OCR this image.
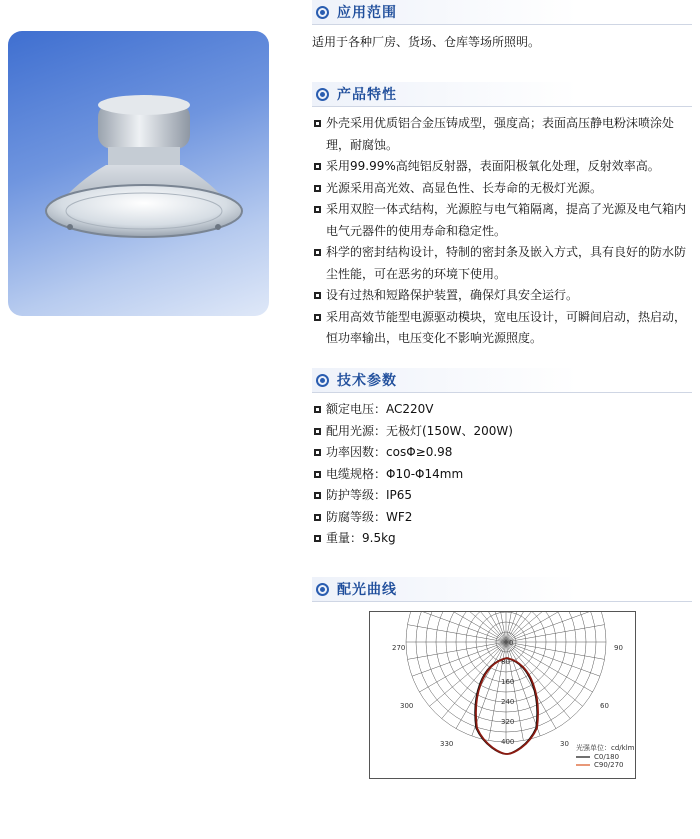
应用范围
适用于各种厂房、货场、仓库等场所照明。
产品特性
外壳采用优质铝合金压铸成型，强度高；表面高压静电粉沫喷涂处理，耐腐蚀。
采用99.99%高纯铝反射器，表面阳极氧化处理，反射效率高。
光源采用高光效、高显色性、长寿命的无极灯光源。
采用双腔一体式结构，光源腔与电气箱隔离，提高了光源及电气箱内电气元器件的使用寿命和稳定性。
科学的密封结构设计，特制的密封条及嵌入方式，具有良好的防水防尘性能，可在恶劣的环境下使用。
设有过热和短路保护装置，确保灯具安全运行。
采用高效节能型电源驱动模块，宽电压设计，可瞬间启动，热启动，恒功率输出，电压变化不影响光源照度。
技术参数
额定电压：AC220V
配用光源：无极灯(150W、200W)
功率因数：cosΦ≥0.98
电缆规格：Φ10-Φ14mm
防护等级：IP65
防腐等级：WF2
重量：9.5kg
配光曲线
0
270	90
300	60
330	30
80
160
240
320
400
光强单位：cd/klm
C0/180
C90/270
